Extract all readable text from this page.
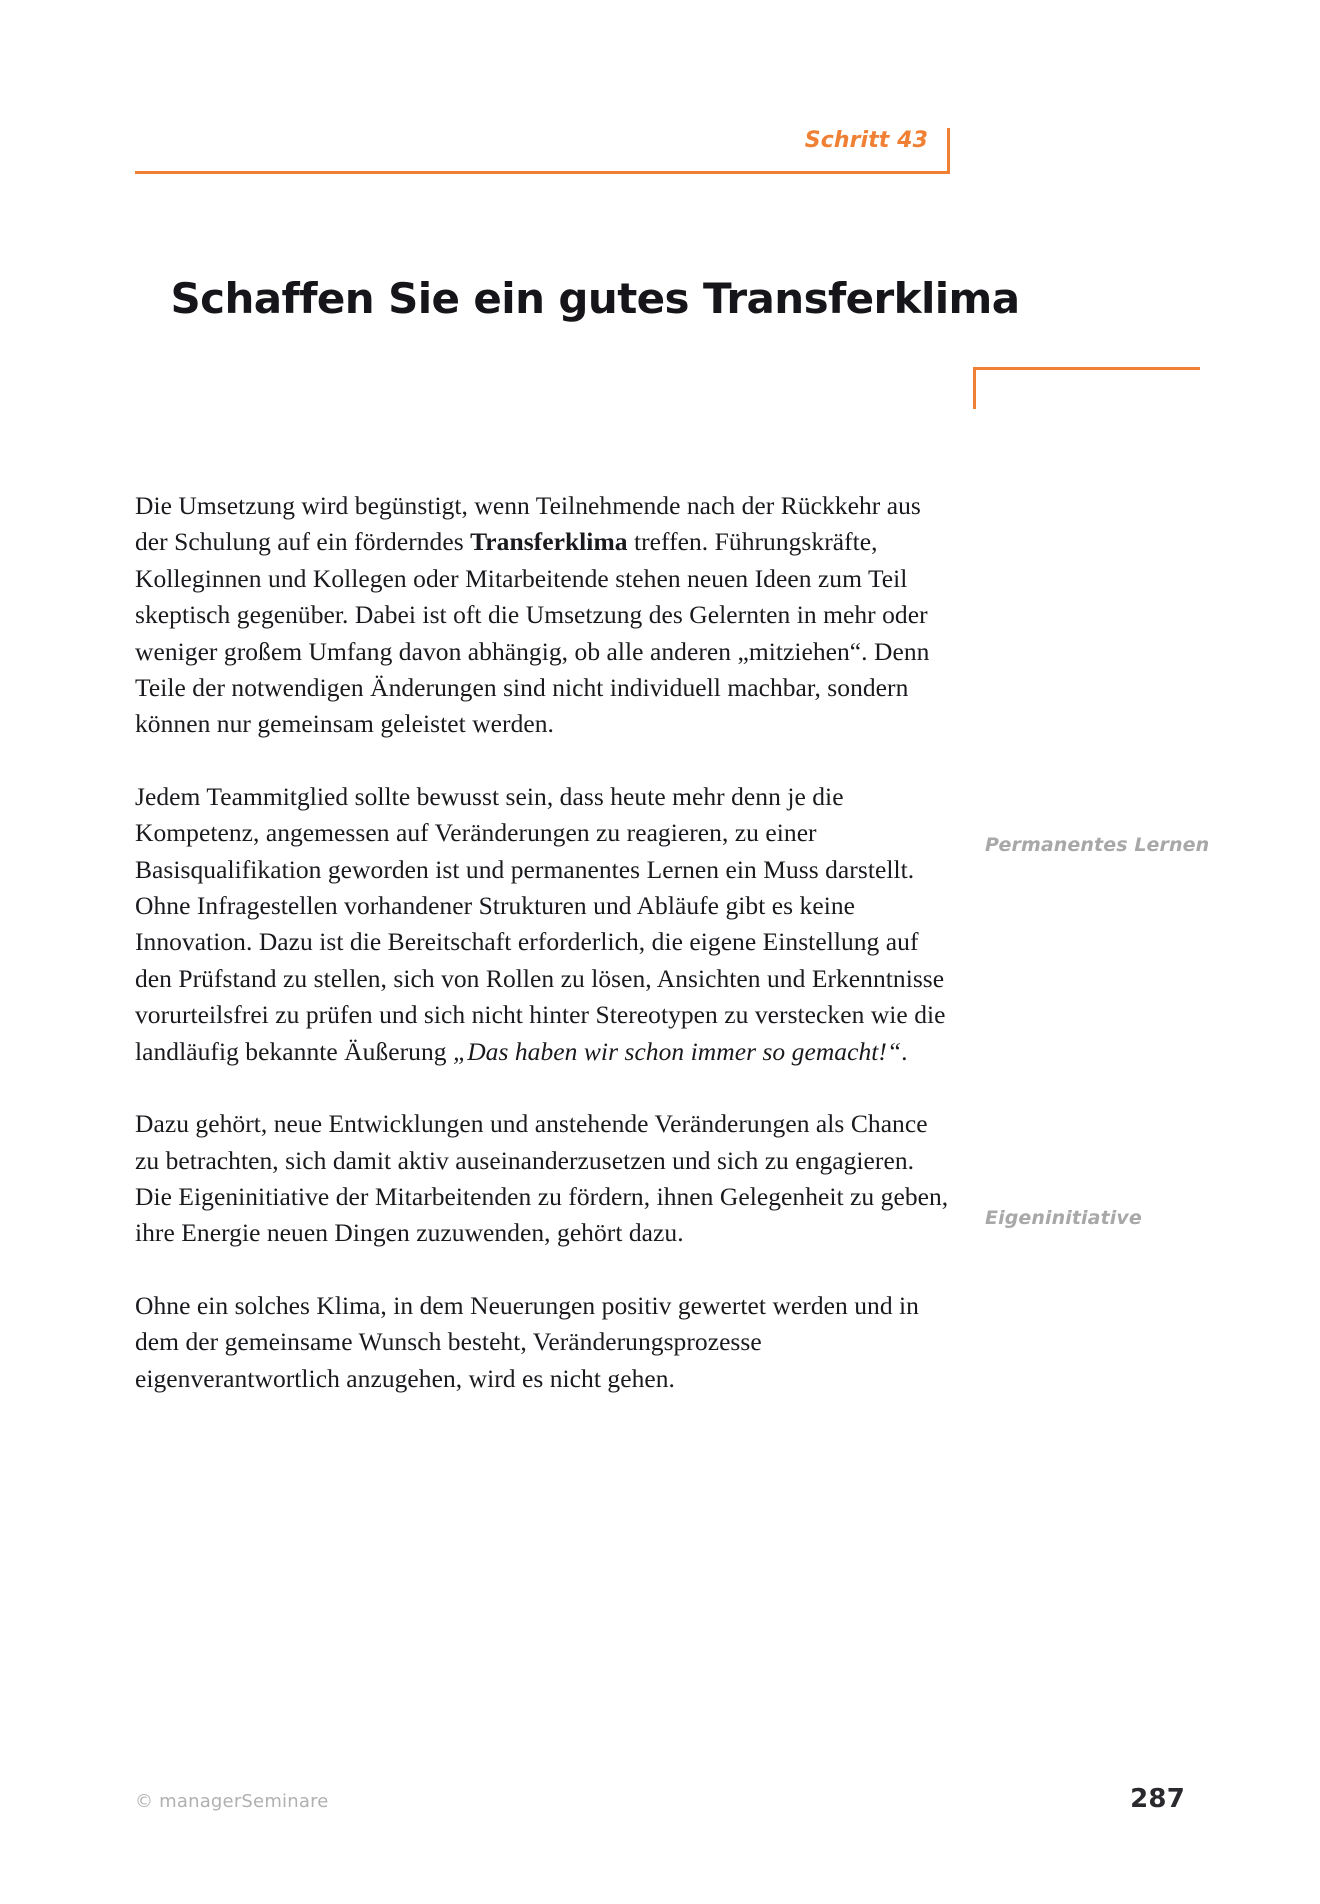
Schritt 43
Schaffen Sie ein gutes Transferklima

Die Umsetzung wird begünstigt, wenn Teilnehmende nach der Rückkehr aus der Schulung auf ein förderndes Transferklima treffen. Führungskräfte, Kolleginnen und Kollegen oder Mitarbeitende stehen neuen Ideen zum Teil skeptisch gegenüber. Dabei ist oft die Umsetzung des Gelernten in mehr oder weniger großem Umfang davon abhängig, ob alle anderen „mitziehen“. Denn Teile der notwendigen Änderungen sind nicht individuell machbar, sondern können nur gemeinsam geleistet werden.

Jedem Teammitglied sollte bewusst sein, dass heute mehr denn je die Kompetenz, angemessen auf Veränderungen zu reagieren, zu einer Basisqualifikation geworden ist und permanentes Lernen ein Muss darstellt. Ohne Infragestellen vorhandener Strukturen und Abläufe gibt es keine Innovation. Dazu ist die Bereitschaft erforderlich, die eigene Einstellung auf den Prüfstand zu stellen, sich von Rollen zu lösen, Ansichten und Erkenntnisse vorurteilsfrei zu prüfen und sich nicht hinter Stereotypen zu verstecken wie die landläufig bekannte Äußerung „Das haben wir schon immer so gemacht!“.

Dazu gehört, neue Entwicklungen und anstehende Veränderungen als Chance zu betrachten, sich damit aktiv auseinanderzusetzen und sich zu engagieren. Die Eigeninitiative der Mitarbeitenden zu fördern, ihnen Gelegenheit zu geben, ihre Energie neuen Dingen zuzuwenden, gehört dazu.

Ohne ein solches Klima, in dem Neuerungen positiv gewertet werden und in dem der gemeinsame Wunsch besteht, Veränderungsprozesse eigenverantwortlich anzugehen, wird es nicht gehen.

Permanentes Lernen
Eigeninitiative
© managerSeminare	287
